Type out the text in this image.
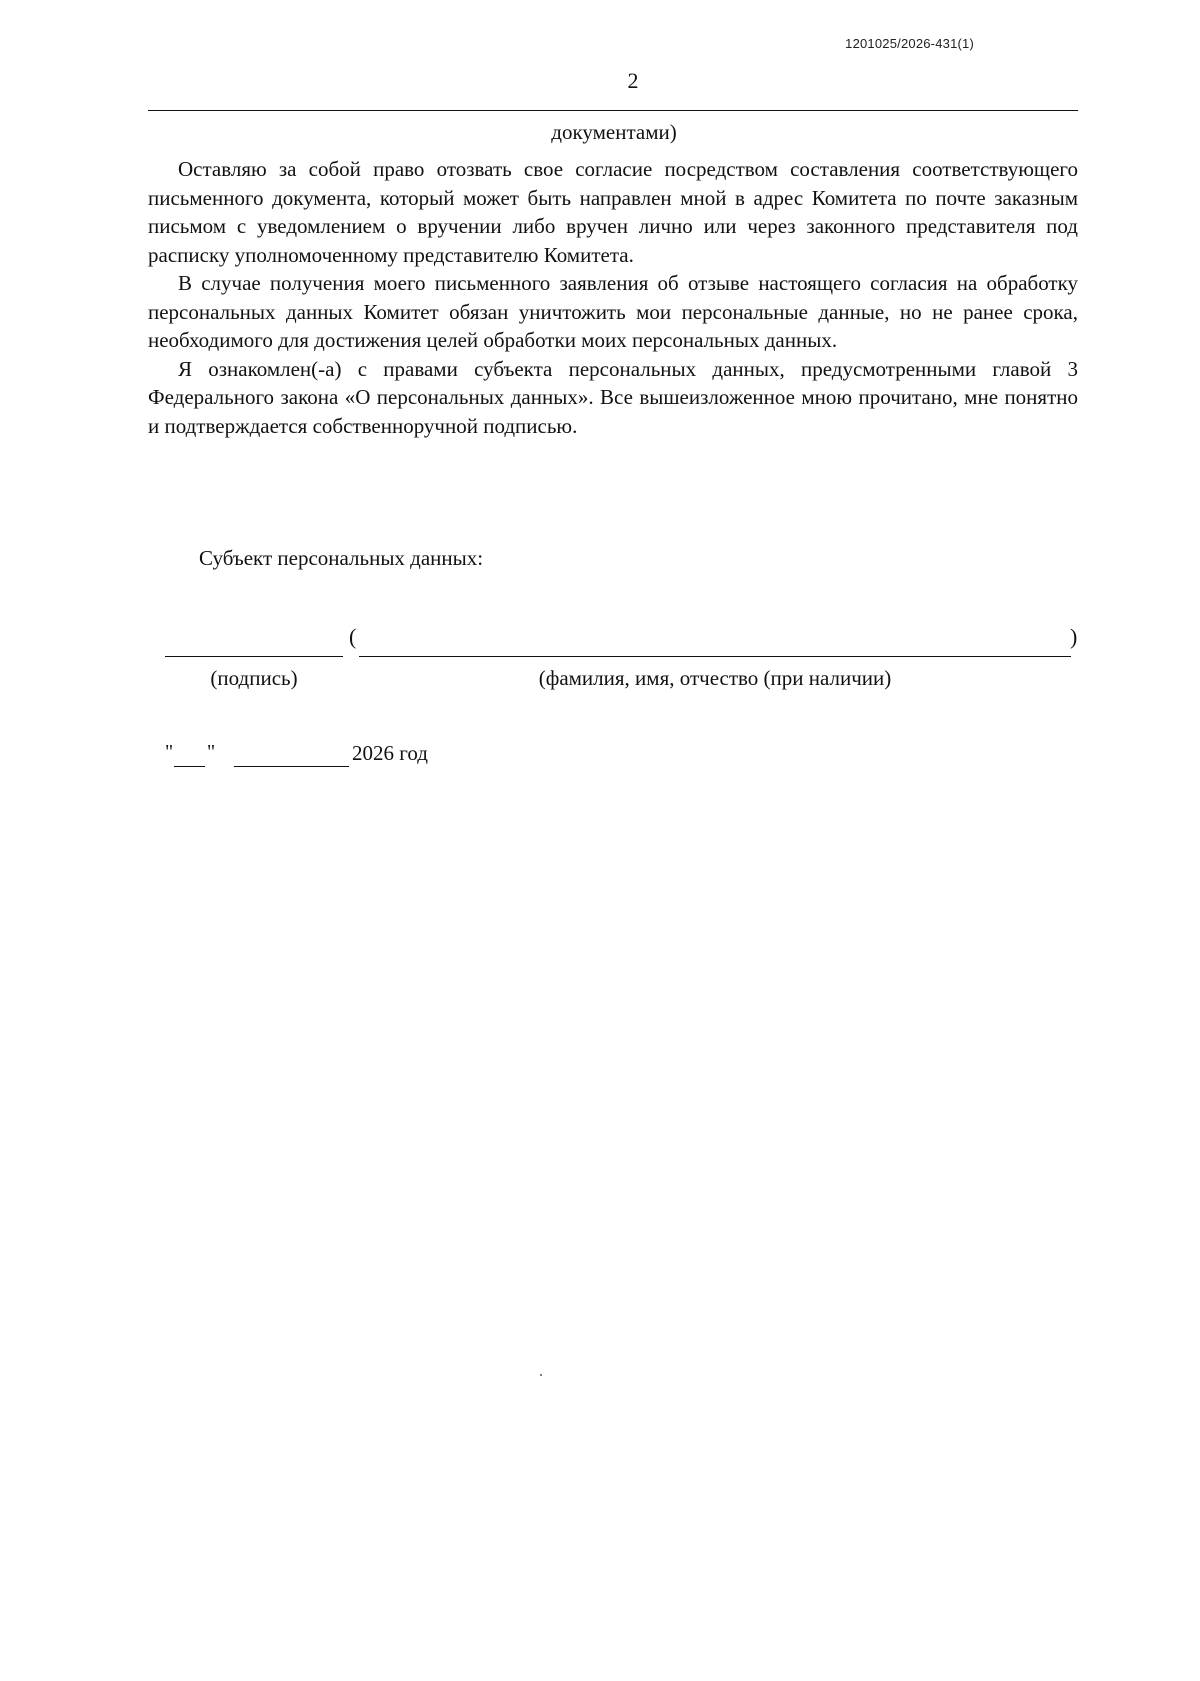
1201025/2026-431(1)
2
документами)

Оставляю за собой право отозвать свое согласие посредством составления соответствующего письменного документа, который может быть направлен мной в адрес Комитета по почте заказным письмом с уведомлением о вручении либо вручен лично или через законного представителя под расписку уполномоченному представителю Комитета.

В случае получения моего письменного заявления об отзыве настоящего согласия на обработку персональных данных Комитет обязан уничтожить мои персональные данные, но не ранее срока, необходимого для достижения целей обработки моих персональных данных.

Я ознакомлен(-а) с правами субъекта персональных данных, предусмотренными главой 3 Федерального закона «О персональных данных». Все вышеизложенное мною прочитано, мне понятно и подтверждается собственноручной подписью.

Субъект персональных данных:
(	)
(подпись)	(фамилия, имя, отчество (при наличии)
" "	2026 год
